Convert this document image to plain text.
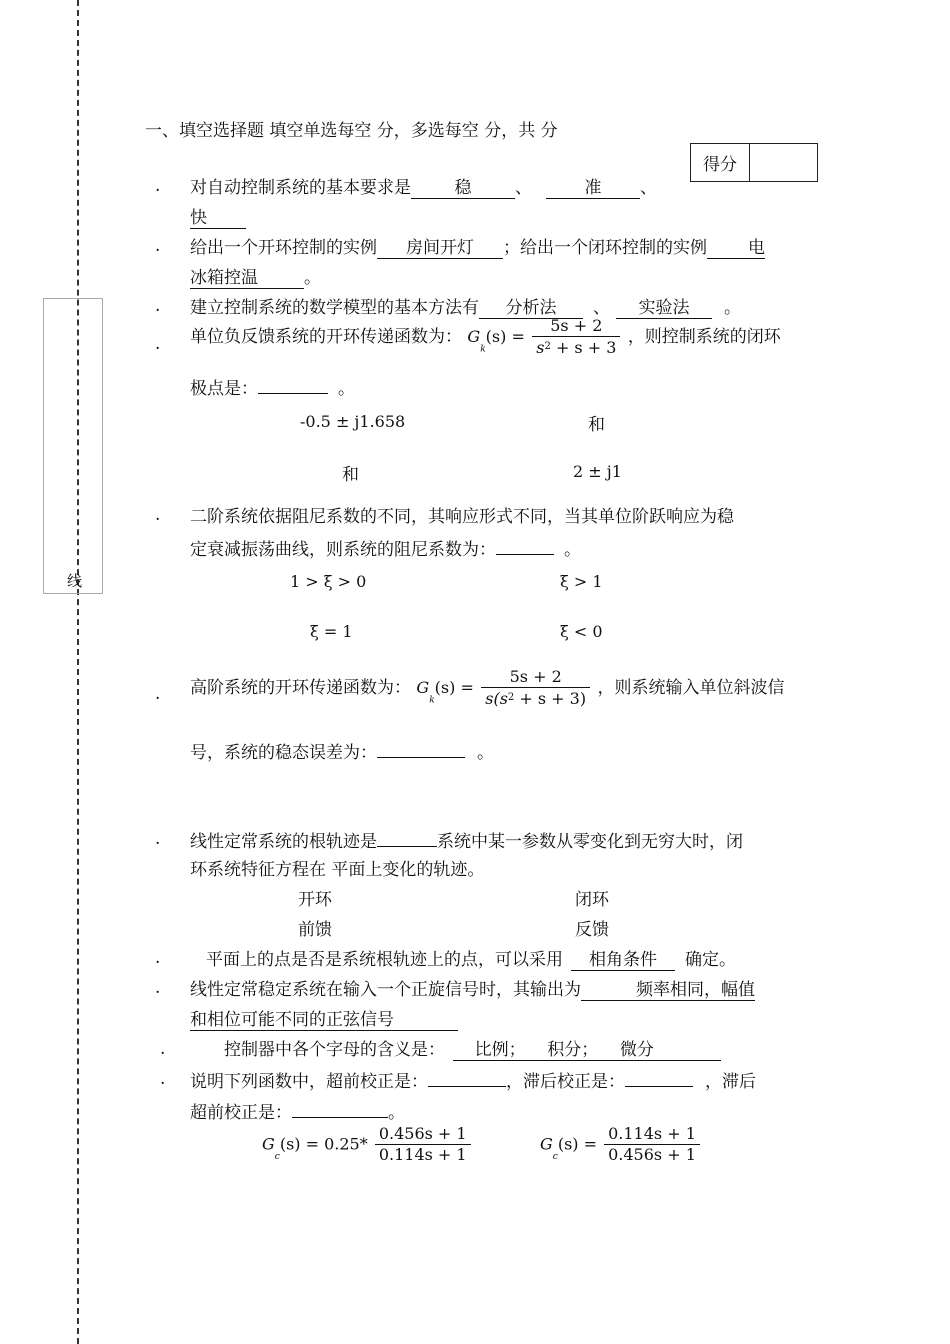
线
一、填空选择题 填空单选每空 分，多选每空 分，共 分
得分
. 对自动控制系统的基本要求是	稳	、	准 、
快
. 给出一个开环控制的实例 房间开灯 ；给出一个闭环控制的实例 电
冰箱控温	。
. 建立控制系统的数学模型的基本方法有 分析法 、 实验法 。
. 单位负反馈系统的开环传递函数为： $G_k(s) = \frac{5s + 2}{s^2 + s + 3}$ ，则控制系统的闭环
极点是：	。
-0.5 ± j1.658	和
和	2 ± j1
. 二阶系统依据阻尼系数的不同，其响应形式不同，当其单位阶跃响应为稳
定衰减振荡曲线，则系统的阻尼系数为：	。
1 > ξ > 0	ξ > 1
ξ = 1	ξ < 0
. 高阶系统的开环传递函数为： $G_k(s) = \frac{5s + 2}{s(s^2 + s + 3)}$ ，则系统输入单位斜波信
号，系统的稳态误差为：	。
. 线性定常系统的根轨迹是	系统中某一参数从零变化到无穷大时，闭
环系统特征方程在 平面上变化的轨迹。
开环	闭环
前馈	反馈
.	平面上的点是否是系统根轨迹上的点，可以采用 相角条件 确定。
. 线性定常稳定系统在输入一个正旋信号时，其输出为	频率相同，幅值
和相位可能不同的正弦信号
.	控制器中各个字母的含义是： 比例；    积分；    微分
. 说明下列函数中，超前校正是：	，滞后校正是：	，滞后
超前校正是：	。
$G_c(s) = 0.25* \frac{0.456s + 1}{0.114s + 1}$	$G_c(s) = \frac{0.114s + 1}{0.456s + 1}$
